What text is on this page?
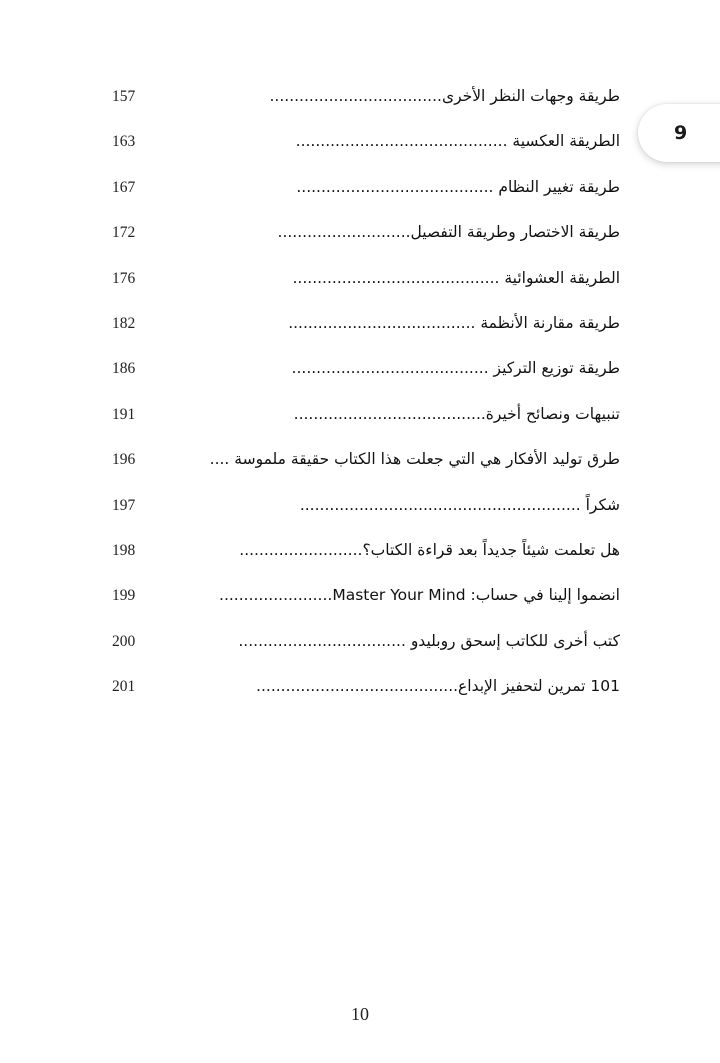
157	طريقة وجهات النظر الأخرى...................................
163	الطريقة العكسية ...........................................
167	طريقة تغيير النظام ........................................
172	طريقة الاختصار وطريقة التفصيل...........................
176	الطريقة العشوائية ..........................................
182	طريقة مقارنة الأنظمة ......................................
186	طريقة توزيع التركيز ........................................
191	تنبيهات ونصائح أخيرة.......................................
196	طرق توليد الأفكار هي التي جعلت هذا الكتاب حقيقة ملموسة ....
197	شكراً .........................................................
198	هل تعلمت شيئاً جديداً بعد قراءة الكتاب؟.........................
199	انضموا إلينا في حساب: Master Your Mind.......................
200	كتب أخرى للكاتب إسحق روبليدو ..................................
201	101 تمرين لتحفيز الإبداع.........................................
9
10
